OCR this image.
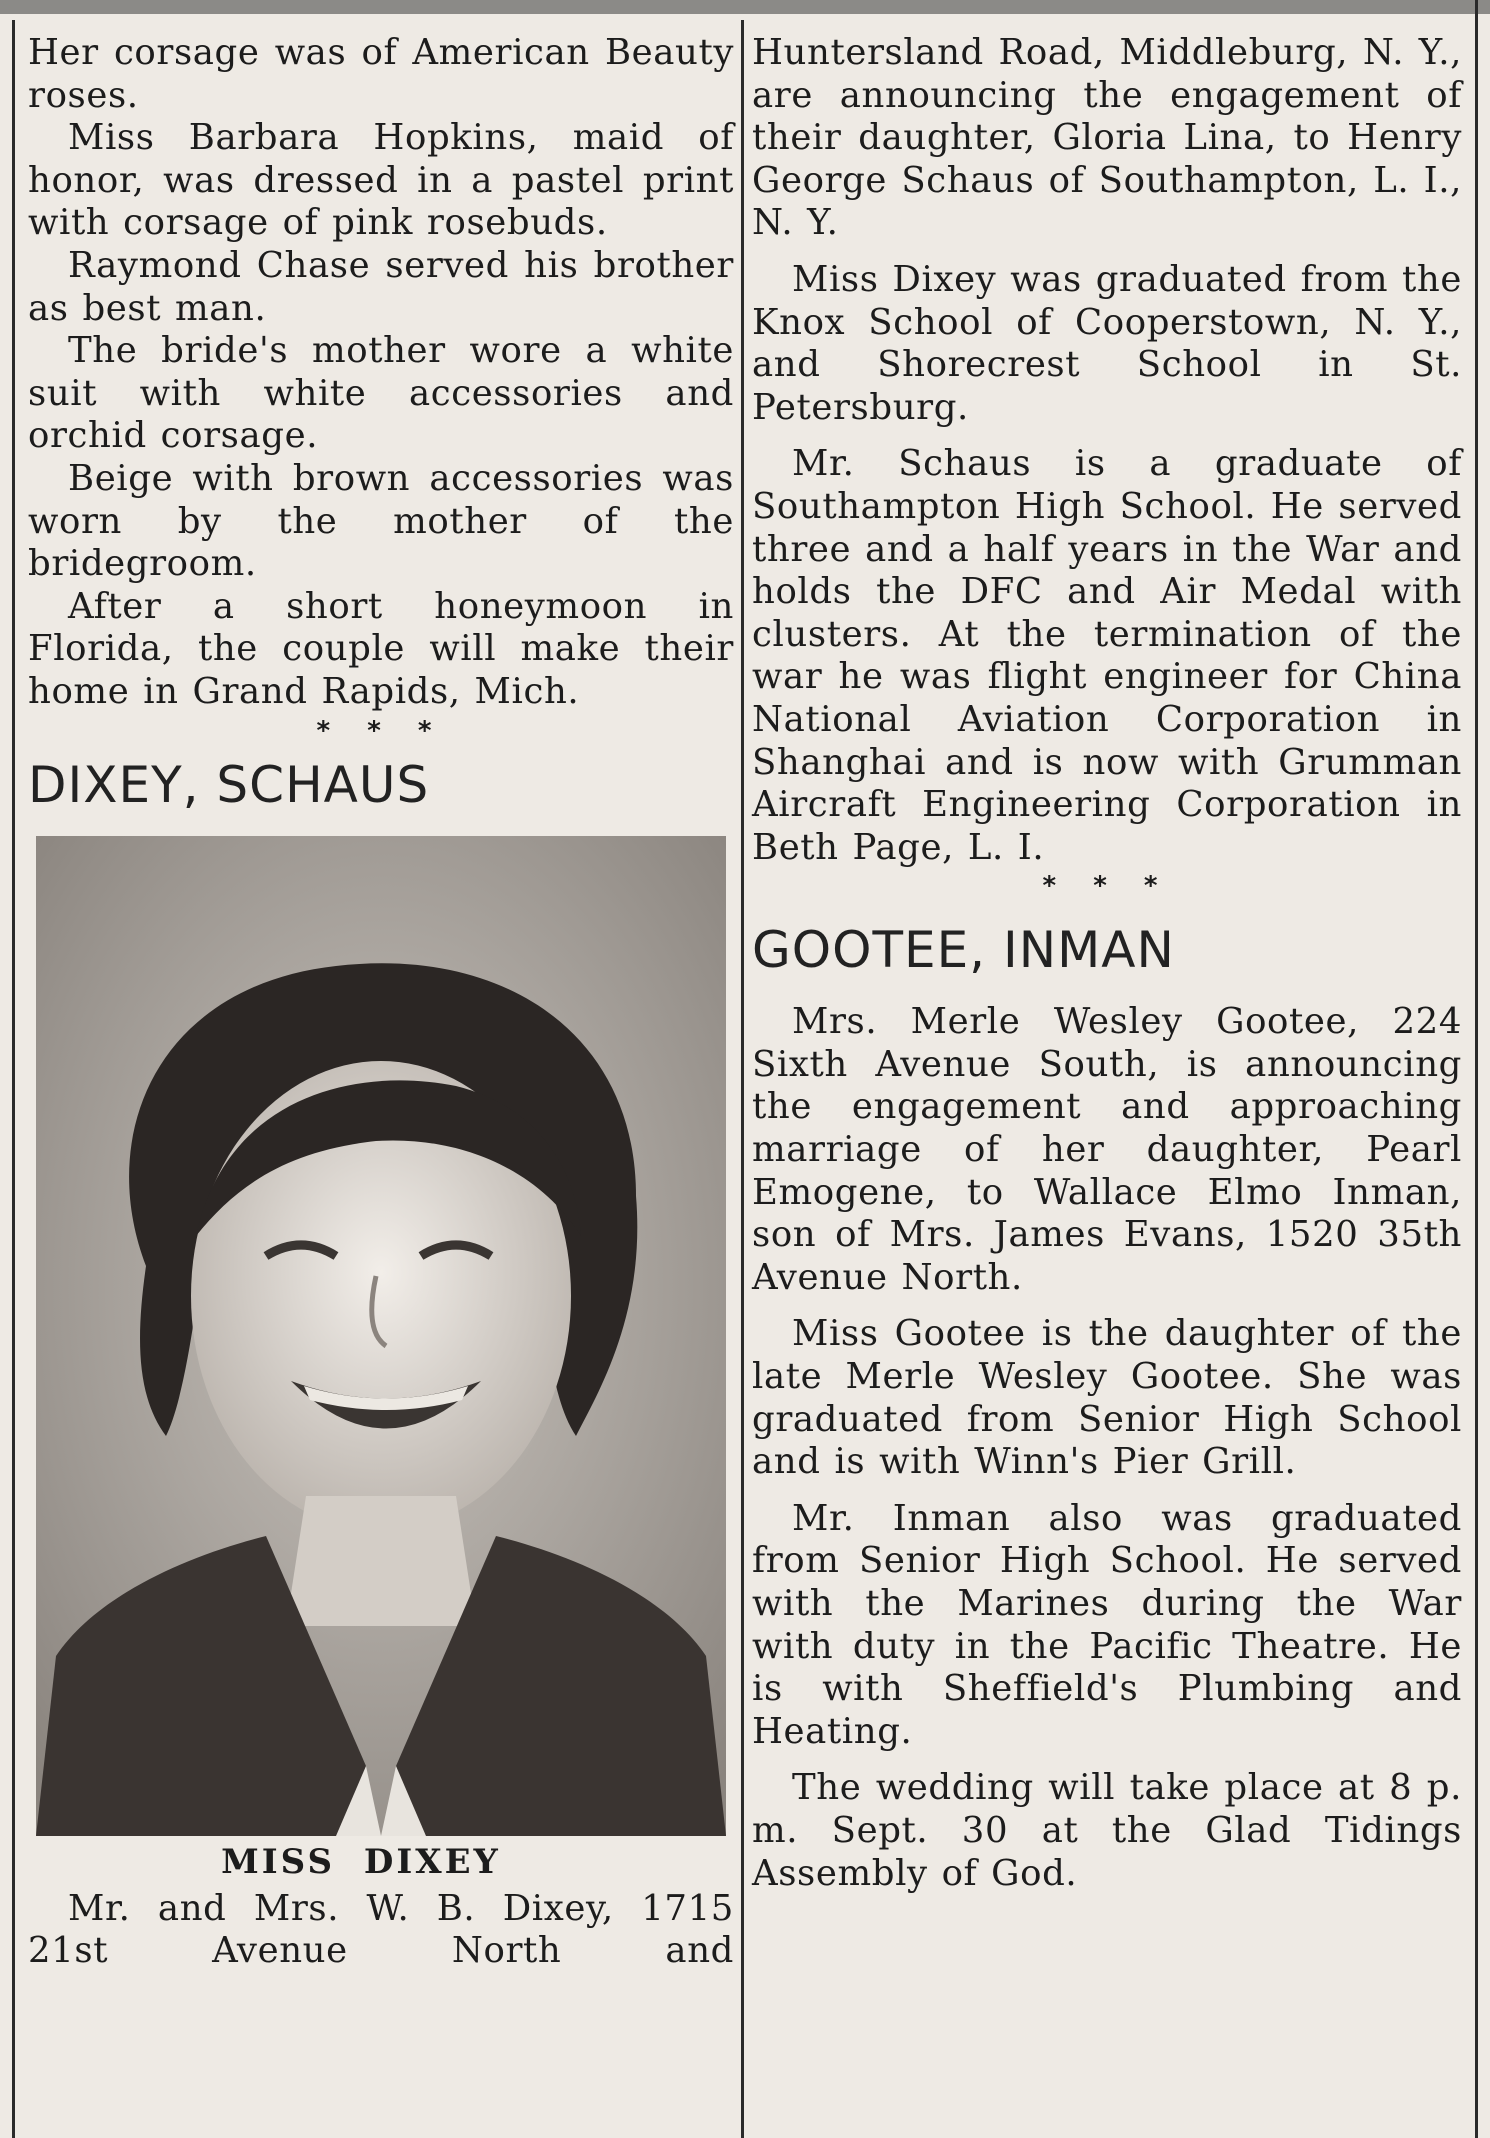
Her corsage was of American Beauty roses.

Miss Barbara Hopkins, maid of honor, was dressed in a pastel print with corsage of pink rosebuds.

Raymond Chase served his brother as best man.

The bride's mother wore a white suit with white accessories and orchid corsage.

Beige with brown accessories was worn by the mother of the bridegroom.

After a short honeymoon in Florida, the couple will make their home in Grand Rapids, Mich.

* * *
DIXEY, SCHAUS
MISS DIXEY

Mr. and Mrs. W. B. Dixey, 1715 21st Avenue North and

Huntersland Road, Middleburg, N. Y., are announcing the engagement of their daughter, Gloria Lina, to Henry George Schaus of Southampton, L. I., N. Y.

Miss Dixey was graduated from the Knox School of Cooperstown, N. Y., and Shorecrest School in St. Petersburg.

Mr. Schaus is a graduate of Southampton High School. He served three and a half years in the War and holds the DFC and Air Medal with clusters. At the termination of the war he was flight engineer for China National Aviation Corporation in Shanghai and is now with Grumman Aircraft Engineering Corporation in Beth Page, L. I.

* * *
GOOTEE, INMAN

Mrs. Merle Wesley Gootee, 224 Sixth Avenue South, is announcing the engagement and approaching marriage of her daughter, Pearl Emogene, to Wallace Elmo Inman, son of Mrs. James Evans, 1520 35th Avenue North.

Miss Gootee is the daughter of the late Merle Wesley Gootee. She was graduated from Senior High School and is with Winn's Pier Grill.

Mr. Inman also was graduated from Senior High School. He served with the Marines during the War with duty in the Pacific Theatre. He is with Sheffield's Plumbing and Heating.

The wedding will take place at 8 p. m. Sept. 30 at the Glad Tidings Assembly of God.
